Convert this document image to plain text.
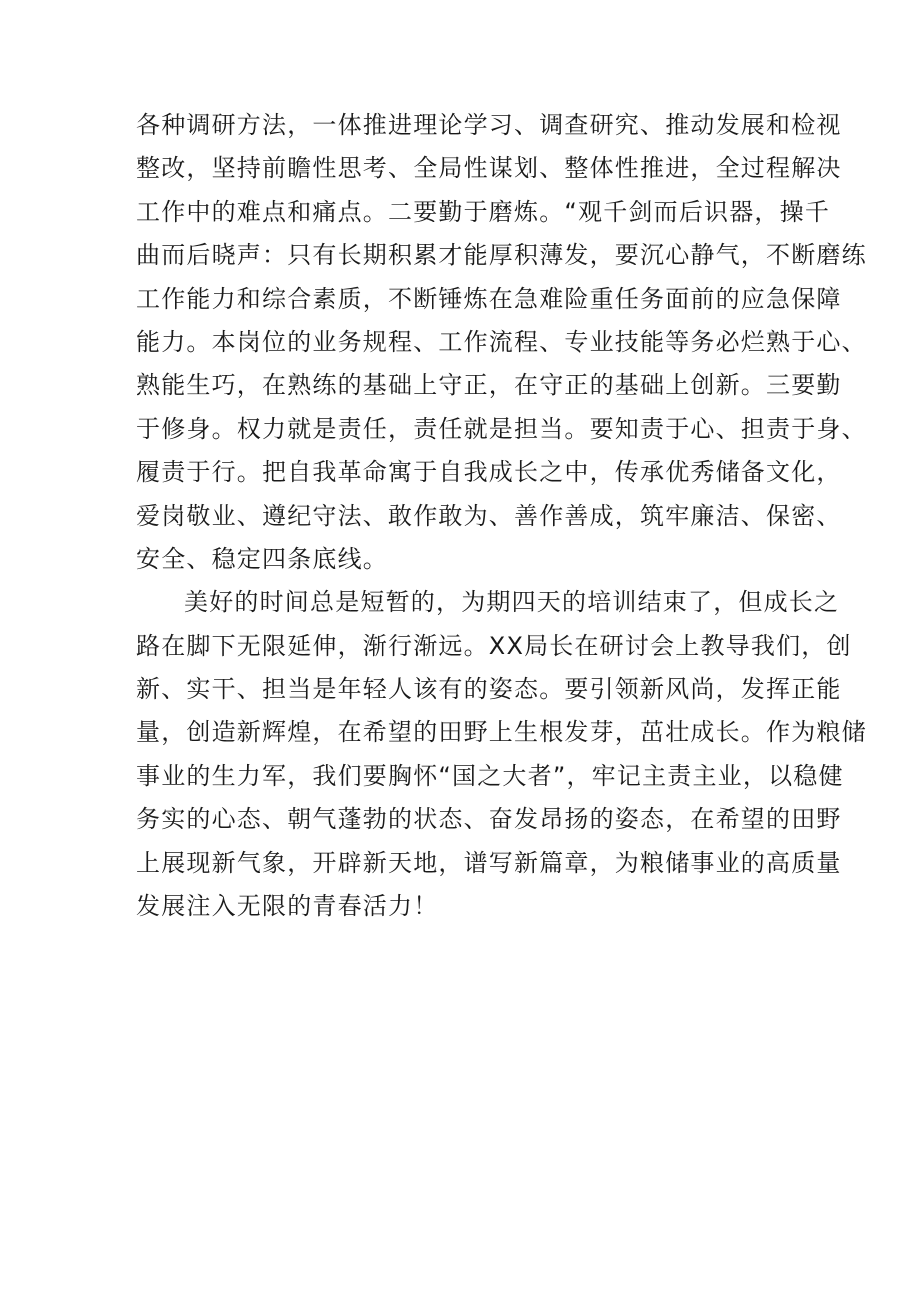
各种调研方法，一体推进理论学习、调查研究、推动发展和检视
整改，坚持前瞻性思考、全局性谋划、整体性推进，全过程解决
工作中的难点和痛点。二要勤于磨炼。“观千剑而后识器，操千
曲而后晓声：只有长期积累才能厚积薄发，要沉心静气，不断磨练
工作能力和综合素质，不断锤炼在急难险重任务面前的应急保障
能力。本岗位的业务规程、工作流程、专业技能等务必烂熟于心、
熟能生巧，在熟练的基础上守正，在守正的基础上创新。三要勤
于修身。权力就是责任，责任就是担当。要知责于心、担责于身、
履责于行。把自我革命寓于自我成长之中，传承优秀储备文化，
爱岗敬业、遵纪守法、敢作敢为、善作善成，筑牢廉洁、保密、
安全、稳定四条底线。
美好的时间总是短暂的，为期四天的培训结束了，但成长之
路在脚下无限延伸，渐行渐远。XX局长在研讨会上教导我们，创
新、实干、担当是年轻人该有的姿态。要引领新风尚，发挥正能
量，创造新辉煌，在希望的田野上生根发芽，茁壮成长。作为粮储
事业的生力军，我们要胸怀“国之大者”，牢记主责主业，以稳健
务实的心态、朝气蓬勃的状态、奋发昂扬的姿态，在希望的田野
上展现新气象，开辟新天地，谱写新篇章，为粮储事业的高质量
发展注入无限的青春活力！
